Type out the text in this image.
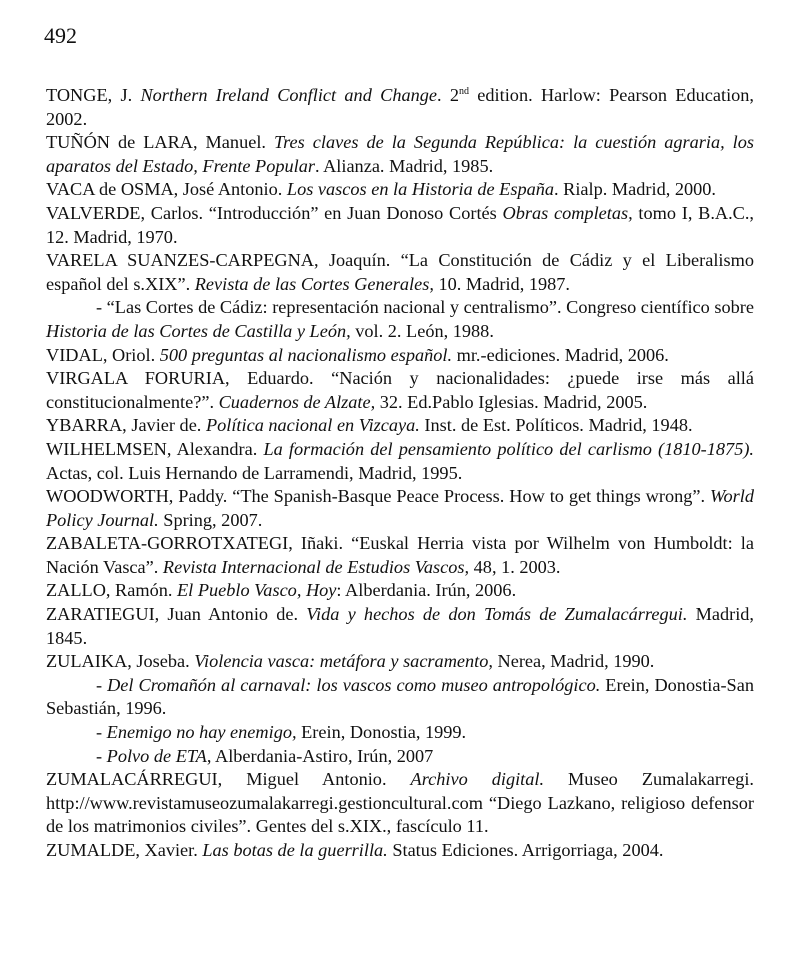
492

TONGE, J. Northern Ireland Conflict and Change. 2nd edition. Harlow: Pearson Education, 2002.

TUÑÓN de LARA, Manuel. Tres claves de la Segunda República: la cuestión agraria, los aparatos del Estado, Frente Popular. Alianza. Madrid, 1985.

VACA de OSMA, José Antonio. Los vascos en la Historia de España. Rialp. Madrid, 2000.

VALVERDE, Carlos. “Introducción” en Juan Donoso Cortés Obras completas, tomo I, B.A.C., 12. Madrid, 1970.

VARELA SUANZES-CARPEGNA, Joaquín. “La Constitución de Cádiz y el Liberalismo español del s.XIX”. Revista de las Cortes Generales, 10. Madrid, 1987.

- “Las Cortes de Cádiz: representación nacional y centralismo”. Congreso científico sobre Historia de las Cortes de Castilla y León, vol. 2. León, 1988.

VIDAL, Oriol. 500 preguntas al nacionalismo español. mr.-ediciones. Madrid, 2006.

VIRGALA FORURIA, Eduardo. “Nación y nacionalidades: ¿puede irse más allá constitucionalmente?”. Cuadernos de Alzate, 32. Ed.Pablo Iglesias. Madrid, 2005.

YBARRA, Javier de. Política nacional en Vizcaya. Inst. de Est. Políticos. Madrid, 1948.

WILHELMSEN, Alexandra. La formación del pensamiento político del carlismo (1810-1875). Actas, col. Luis Hernando de Larramendi, Madrid, 1995.

WOODWORTH, Paddy. “The Spanish-Basque Peace Process. How to get things wrong”. World Policy Journal. Spring, 2007.

ZABALETA-GORROTXATEGI, Iñaki. “Euskal Herria vista por Wilhelm von Humboldt: la Nación Vasca”. Revista Internacional de Estudios Vascos, 48, 1. 2003.

ZALLO, Ramón. El Pueblo Vasco, Hoy: Alberdania. Irún, 2006.

ZARATIEGUI, Juan Antonio de. Vida y hechos de don Tomás de Zumalacárregui. Madrid, 1845.

ZULAIKA, Joseba. Violencia vasca: metáfora y sacramento, Nerea, Madrid, 1990.

- Del Cromañón al carnaval: los vascos como museo antropológico. Erein, Donostia-San Sebastián, 1996.

- Enemigo no hay enemigo, Erein, Donostia, 1999.

- Polvo de ETA, Alberdania-Astiro, Irún, 2007

ZUMALACÁRREGUI, Miguel Antonio. Archivo digital. Museo Zumalakarregi. http://www.revistamuseozumalakarregi.gestioncultural.com “Diego Lazkano, religioso defensor de los matrimonios civiles”. Gentes del s.XIX., fascículo 11.

ZUMALDE, Xavier. Las botas de la guerrilla. Status Ediciones. Arrigorriaga, 2004.
